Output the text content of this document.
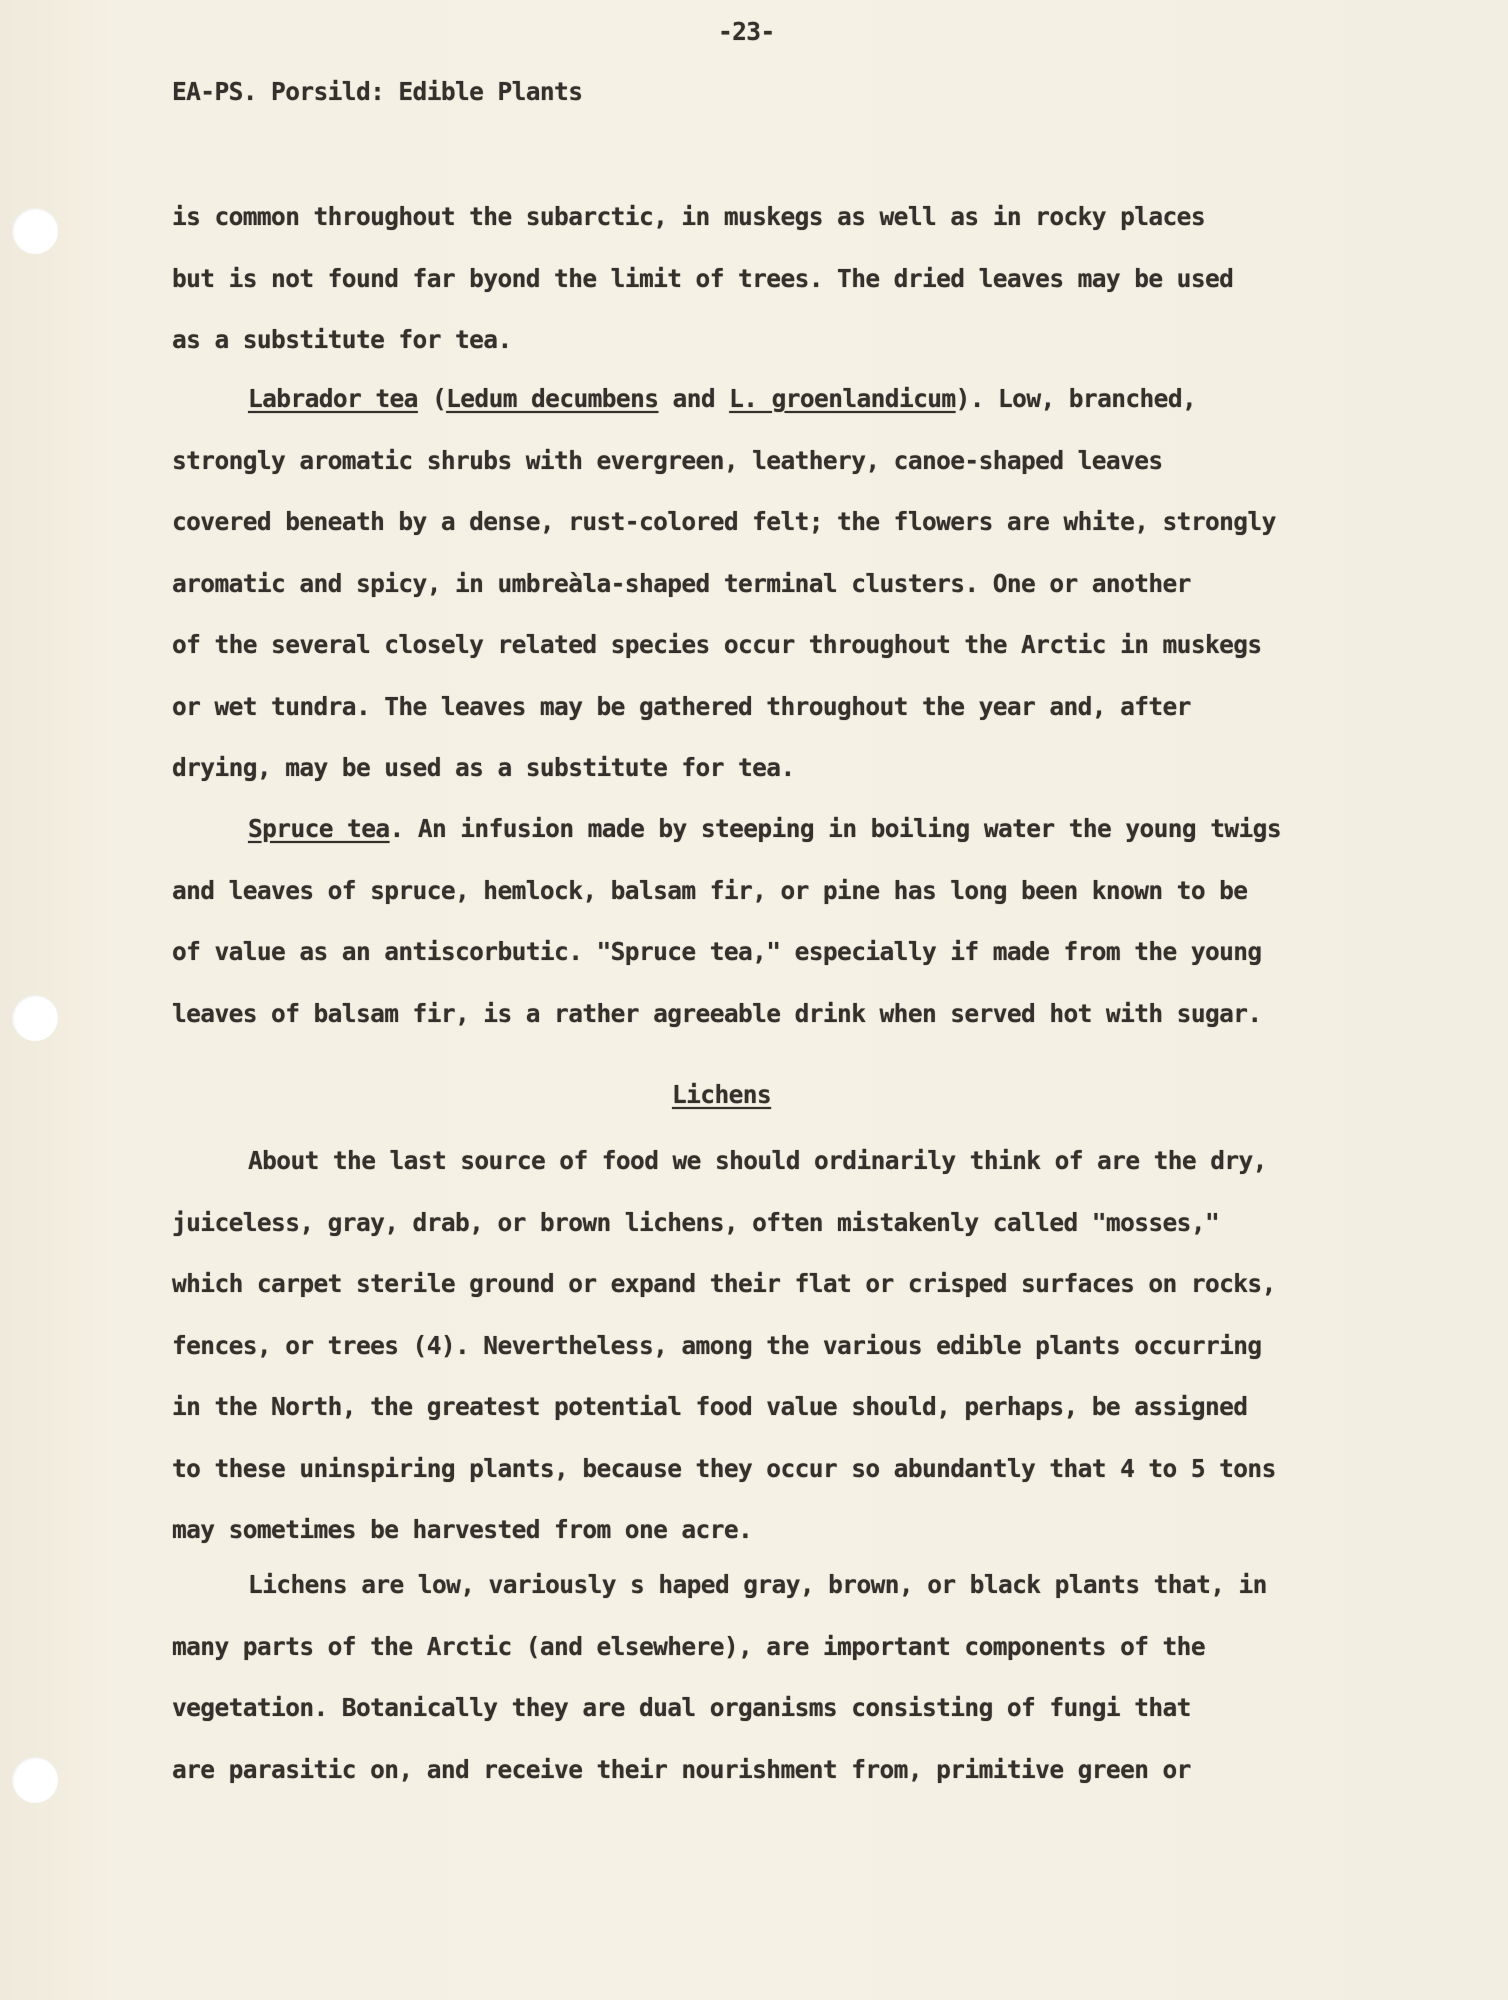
-23-
EA-PS. Porsild: Edible Plants
is common throughout the subarctic, in muskegs as well as in rocky places
but is not found far byond the limit of trees. The dried leaves may be used
as a substitute for tea.
Labrador tea (Ledum decumbens and L. groenlandicum). Low, branched,
strongly aromatic shrubs with evergreen, leathery, canoe-shaped leaves
covered beneath by a dense, rust-colored felt; the flowers are white, strongly
aromatic and spicy, in umbreàla-shaped terminal clusters. One or another
of the several closely related species occur throughout the Arctic in muskegs
or wet tundra. The leaves may be gathered throughout the year and, after
drying, may be used as a substitute for tea.
Spruce tea. An infusion made by steeping in boiling water the young twigs
and leaves of spruce, hemlock, balsam fir, or pine has long been known to be
of value as an antiscorbutic. "Spruce tea," especially if made from the young
leaves of balsam fir, is a rather agreeable drink when served hot with sugar.
Lichens
About the last source of food we should ordinarily think of are the dry,
juiceless, gray, drab, or brown lichens, often mistakenly called "mosses,"
which carpet sterile ground or expand their flat or crisped surfaces on rocks,
fences, or trees (4). Nevertheless, among the various edible plants occurring
in the North, the greatest potential food value should, perhaps, be assigned
to these uninspiring plants, because they occur so abundantly that 4 to 5 tons
may sometimes be harvested from one acre.
Lichens are low, variously s haped gray, brown, or black plants that, in
many parts of the Arctic (and elsewhere), are important components of the
vegetation. Botanically they are dual organisms consisting of fungi that
are parasitic on, and receive their nourishment from, primitive green or
